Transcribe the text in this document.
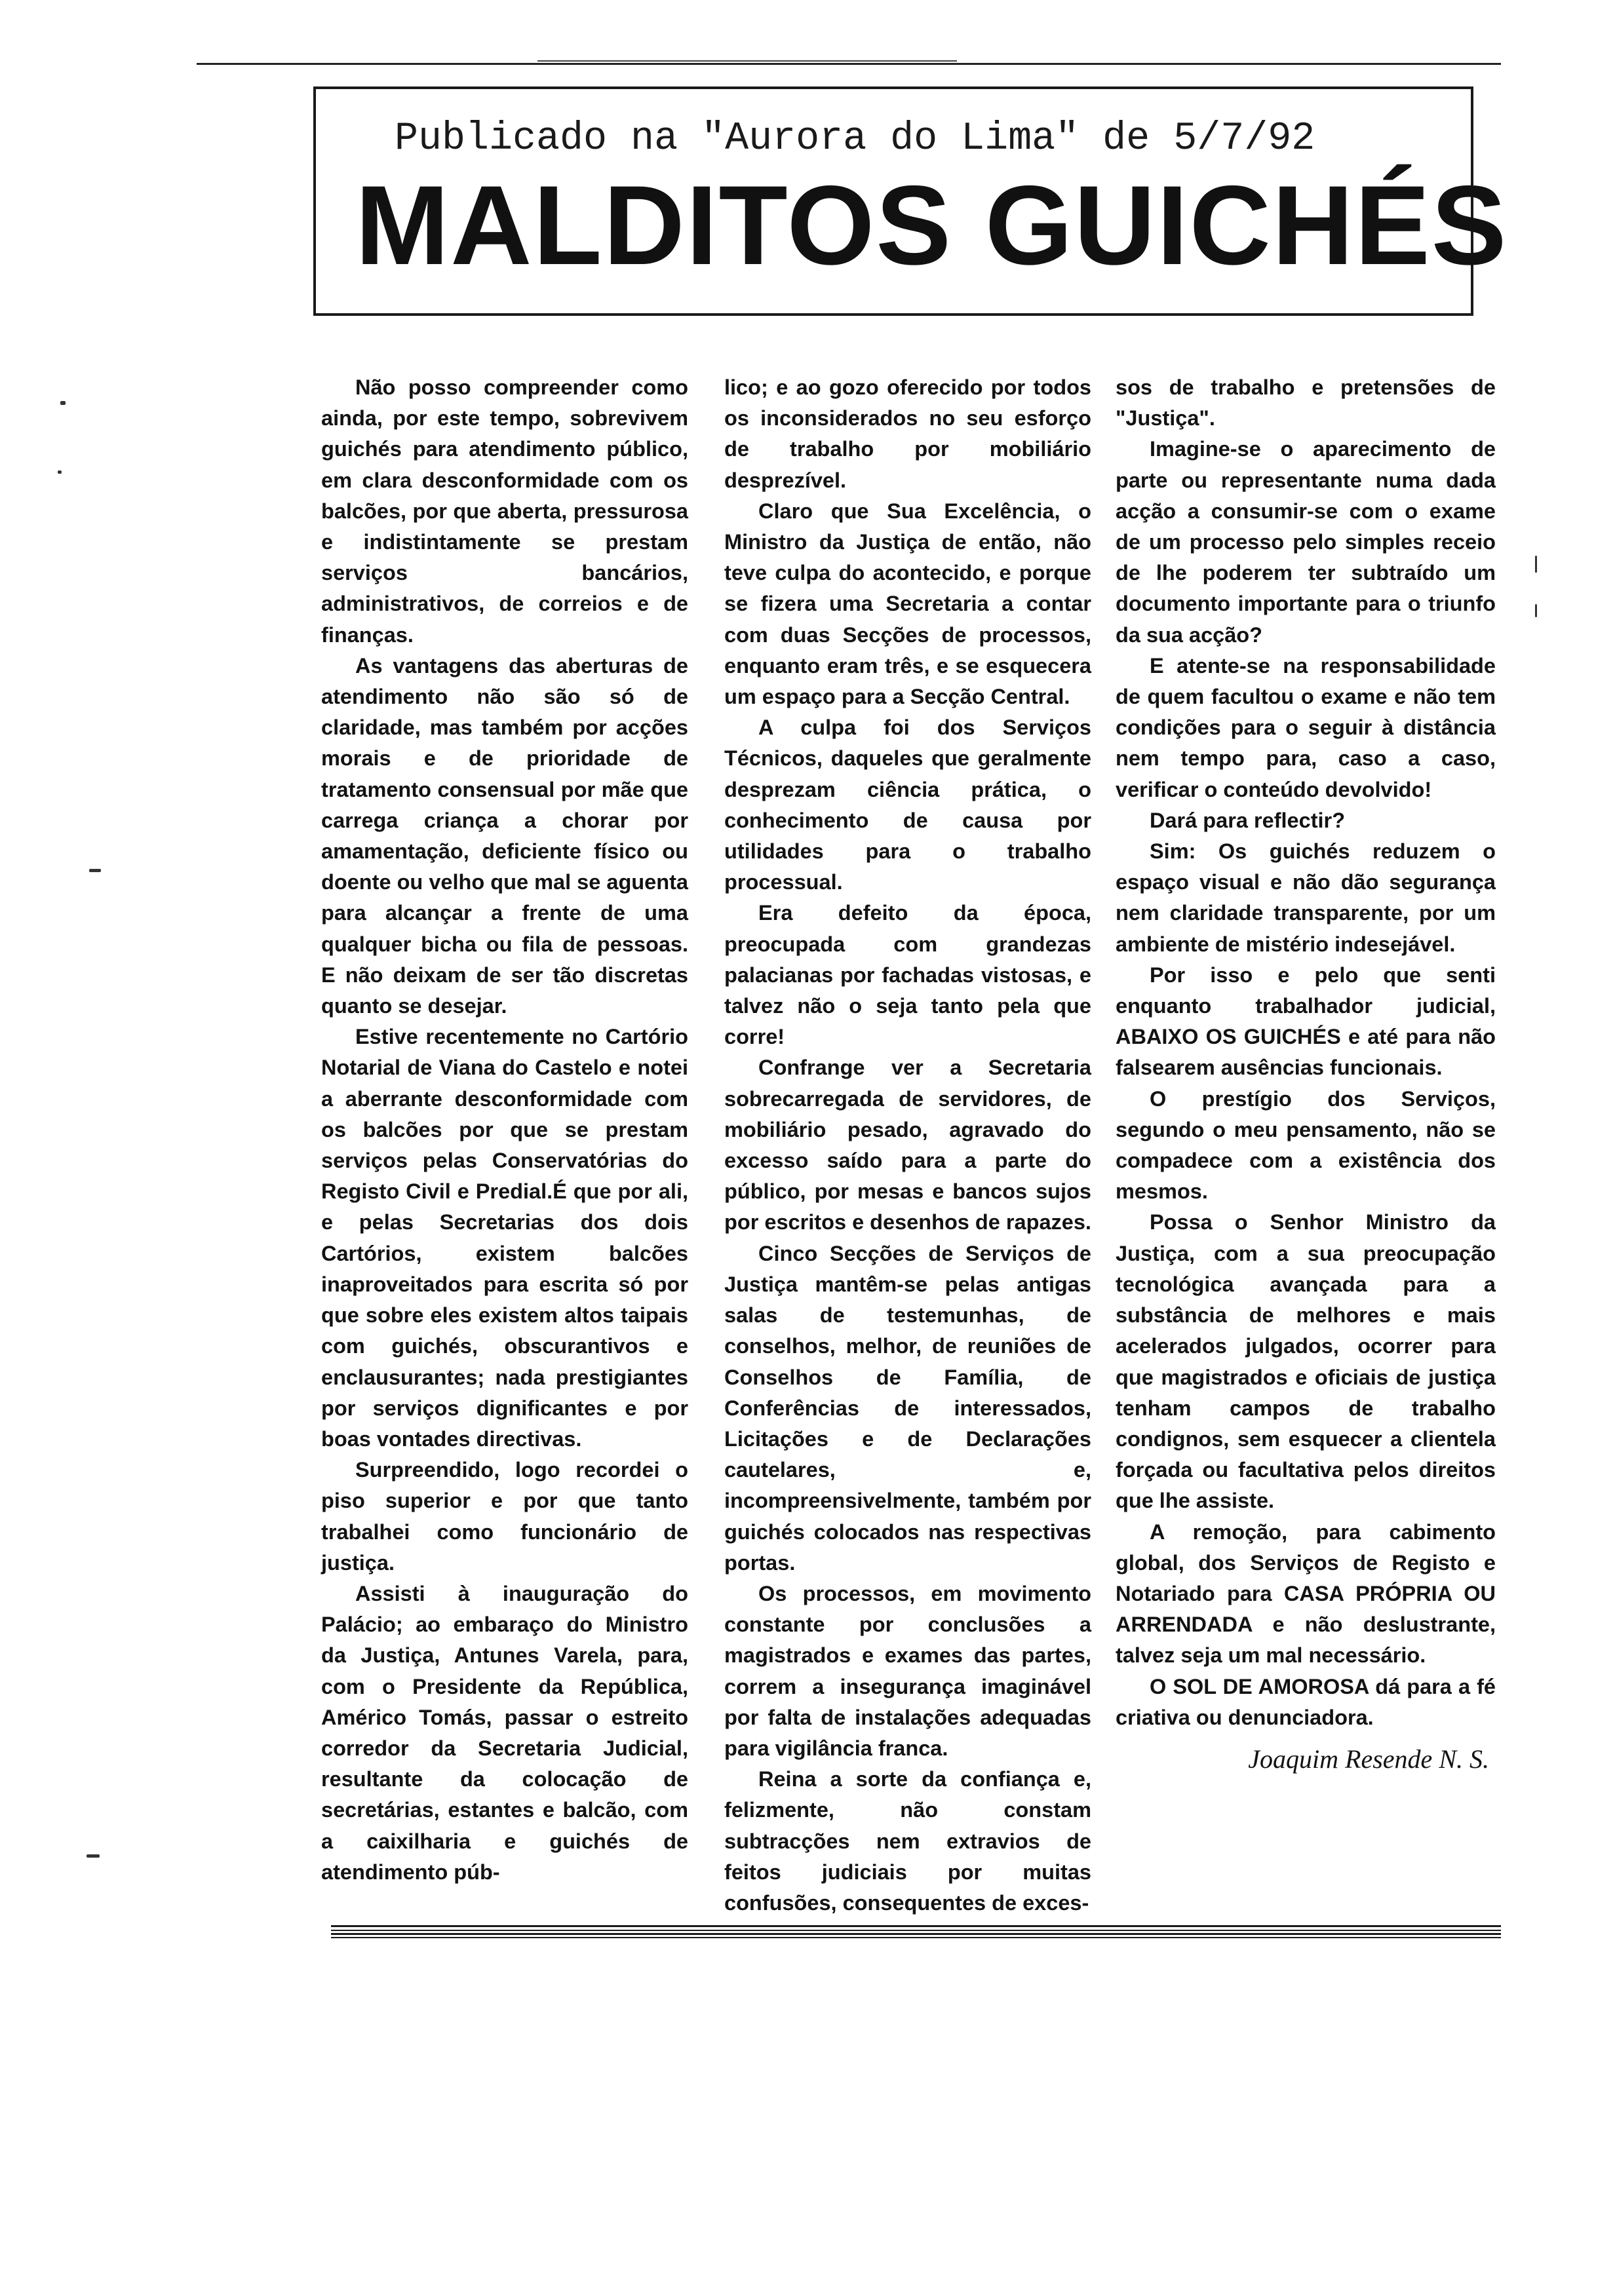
Publicado na "Aurora do Lima" de 5/7/92
MALDITOS GUICHÉS

Não posso compreender como ainda, por este tempo, sobrevivem guichés para atendimento público, em clara desconformidade com os balcões, por que aberta, pressurosa e indistintamente se prestam serviços bancários, administrativos, de correios e de finanças.

As vantagens das aberturas de atendimento não são só de claridade, mas também por acções morais e de prioridade de tratamento consensual por mãe que carrega criança a chorar por amamentação, deficiente físico ou doente ou velho que mal se aguenta para alcançar a frente de uma qualquer bicha ou fila de pessoas. E não deixam de ser tão discretas quanto se desejar.

Estive recentemente no Cartório Notarial de Viana do Castelo e notei a aberrante desconformidade com os balcões por que se prestam serviços pelas Conservatórias do Registo Civil e Predial.É que por ali, e pelas Secretarias dos dois Cartórios, existem balcões inaproveitados para escrita só por que sobre eles existem altos taipais com guichés, obscurantivos e enclausurantes; nada prestigiantes por serviços dignificantes e por boas vontades directivas.

Surpreendido, logo recordei o piso superior e por que tanto trabalhei como funcionário de justiça.

Assisti à inauguração do Palácio; ao embaraço do Ministro da Justiça, Antunes Varela, para, com o Presidente da República, Américo Tomás, passar o estreito corredor da Secretaria Judicial, resultante da colocação de secretárias, estantes e balcão, com a caixilharia e guichés de atendimento púb-

lico; e ao gozo oferecido por todos os inconsiderados no seu esforço de trabalho por mobiliário desprezível.

Claro que Sua Excelência, o Ministro da Justiça de então, não teve culpa do acontecido, e porque se fizera uma Secretaria a contar com duas Secções de processos, enquanto eram três, e se esquecera um espaço para a Secção Central.

A culpa foi dos Serviços Técnicos, daqueles que geralmente desprezam ciência prática, o conhecimento de causa por utilidades para o trabalho processual.

Era defeito da época, preocupada com grandezas palacianas por fachadas vistosas, e talvez não o seja tanto pela que corre!

Confrange ver a Secretaria sobrecarregada de servidores, de mobiliário pesado, agravado do excesso saído para a parte do público, por mesas e bancos sujos por escritos e desenhos de rapazes.

Cinco Secções de Serviços de Justiça mantêm-se pelas antigas salas de testemunhas, de conselhos, melhor, de reuniões de Conselhos de Família, de Conferências de interessados, Licitações e de Declarações cautelares, e, incompreensivelmente, também por guichés colocados nas respectivas portas.

Os processos, em movimento constante por conclusões a magistrados e exames das partes, correm a insegurança imaginável por falta de instalações adequadas para vigilância franca.

Reina a sorte da confiança e, felizmente, não constam subtracções nem extravios de feitos judiciais por muitas confusões, consequentes de exces-

sos de trabalho e pretensões de "Justiça".

Imagine-se o aparecimento de parte ou representante numa dada acção a consumir-se com o exame de um processo pelo simples receio de lhe poderem ter subtraído um documento importante para o triunfo da sua acção?

E atente-se na responsabilidade de quem facultou o exame e não tem condições para o seguir à distância nem tempo para, caso a caso, verificar o conteúdo devolvido!

Dará para reflectir?

Sim: Os guichés reduzem o espaço visual e não dão segurança nem claridade transparente, por um ambiente de mistério indesejável.

Por isso e pelo que senti enquanto trabalhador judicial, ABAIXO OS GUICHÉS e até para não falsearem ausências funcionais.

O prestígio dos Serviços, segundo o meu pensamento, não se compadece com a existência dos mesmos.

Possa o Senhor Ministro da Justiça, com a sua preocupação tecnológica avançada para a substância de melhores e mais acelerados julgados, ocorrer para que magistrados e oficiais de justiça tenham campos de trabalho condignos, sem esquecer a clientela forçada ou facultativa pelos direitos que lhe assiste.

A remoção, para cabimento global, dos Serviços de Registo e Notariado para CASA PRÓPRIA OU ARRENDADA e não deslustrante, talvez seja um mal necessário.

O SOL DE AMOROSA dá para a fé criativa ou denunciadora.

Joaquim Resende N. S.
